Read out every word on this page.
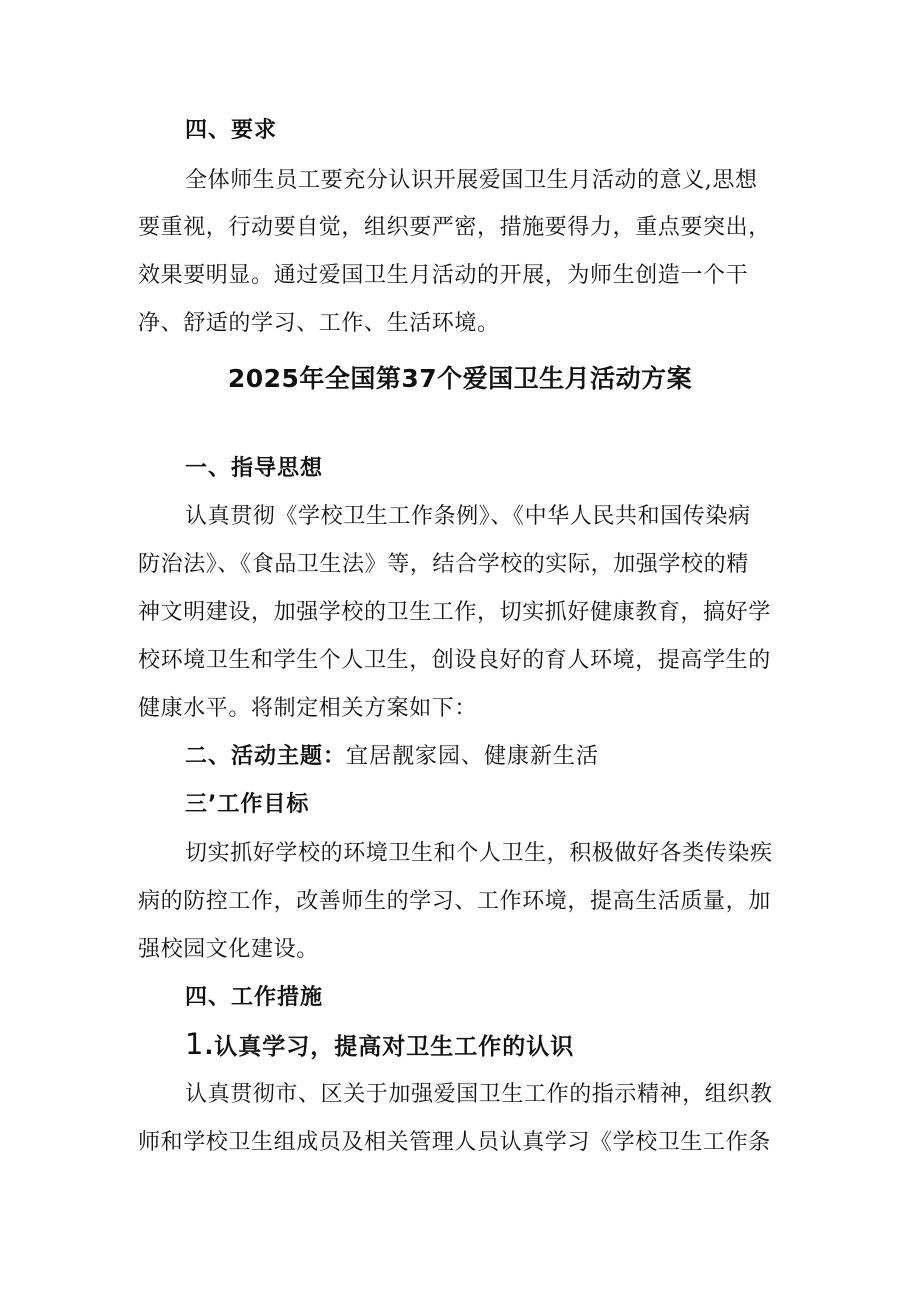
四、要求
全体师生员工要充分认识开展爱国卫生月活动的意义,思想
要重视，行动要自觉，组织要严密，措施要得力，重点要突出，
效果要明显。通过爱国卫生月活动的开展，为师生创造一个干
净、舒适的学习、工作、生活环境。
2025年全国第37个爱国卫生月活动方案
一、指导思想
认真贯彻《学校卫生工作条例》、《中华人民共和国传染病
防治法》、《食品卫生法》等，结合学校的实际，加强学校的精
神文明建设，加强学校的卫生工作，切实抓好健康教育，搞好学
校环境卫生和学生个人卫生，创设良好的育人环境，提高学生的
健康水平。将制定相关方案如下：
二、活动主题：宜居靓家园、健康新生活
三’工作目标
切实抓好学校的环境卫生和个人卫生，积极做好各类传染疾
病的防控工作，改善师生的学习、工作环境，提高生活质量，加
强校园文化建设。
四、工作措施
1.认真学习，提高对卫生工作的认识
认真贯彻市、区关于加强爱国卫生工作的指示精神，组织教
师和学校卫生组成员及相关管理人员认真学习《学校卫生工作条
